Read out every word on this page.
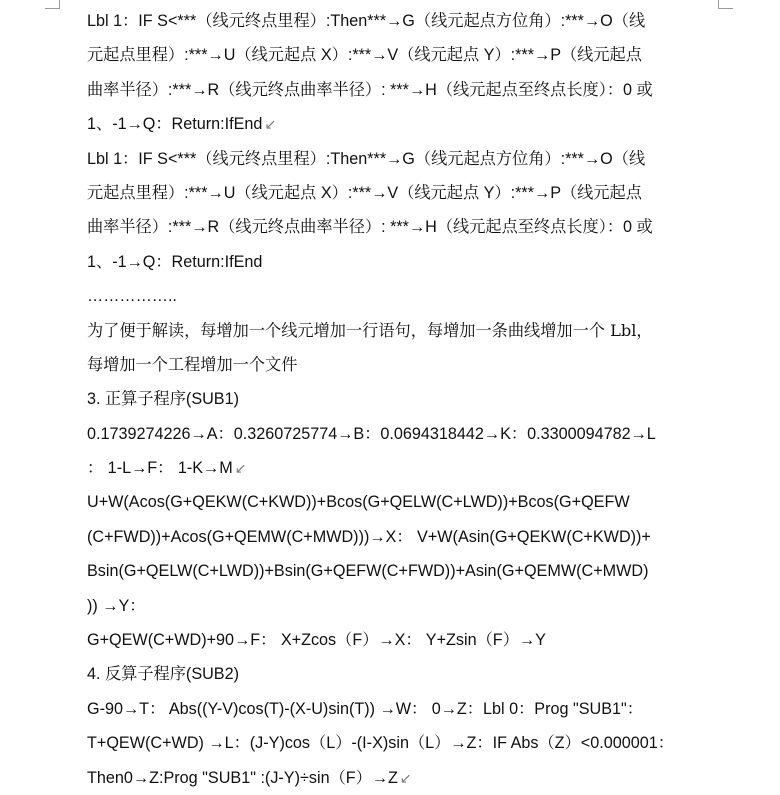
Lbl 1：IF S<***（线元终点里程）:Then***→G（线元起点方位角）:***→O（线
元起点里程）:***→U（线元起点 X）:***→V（线元起点 Y）:***→P（线元起点
曲率半径）:***→R（线元终点曲率半径）: ***→H（线元起点至终点长度）：0 或
1、-1→Q：Return:IfEnd ↙
Lbl 1：IF S<***（线元终点里程）:Then***→G（线元起点方位角）:***→O（线
元起点里程）:***→U（线元起点 X）:***→V（线元起点 Y）:***→P（线元起点
曲率半径）:***→R（线元终点曲率半径）: ***→H（线元起点至终点长度）：0 或
1、-1→Q：Return:IfEnd
……………..
为了便于解读，每增加一个线元增加一行语句，每增加一条曲线增加一个 Lbl，
每增加一个工程增加一个文件
3. 正算子程序(SUB1)
0.1739274226→A：0.3260725774→B：0.0694318442→K：0.3300094782→L
： 1-L→F： 1-K→M ↙
U+W(Acos(G+QEKW(C+KWD))+Bcos(G+QELW(C+LWD))+Bcos(G+QEFW
(C+FWD))+Acos(G+QEMW(C+MWD)))→X： V+W(Asin(G+QEKW(C+KWD))+
Bsin(G+QELW(C+LWD))+Bsin(G+QEFW(C+FWD))+Asin(G+QEMW(C+MWD)
)) →Y：
G+QEW(C+WD)+90→F： X+Zcos（F）→X： Y+Zsin（F）→Y
4. 反算子程序(SUB2)
G-90→T： Abs((Y-V)cos(T)-(X-U)sin(T)) →W： 0→Z：Lbl 0：Prog "SUB1"：
T+QEW(C+WD) →L：(J-Y)cos（L）-(I-X)sin（L）→Z：IF Abs（Z）<0.000001：
Then0→Z:Prog "SUB1" :(J-Y)÷sin（F）→Z ↙
